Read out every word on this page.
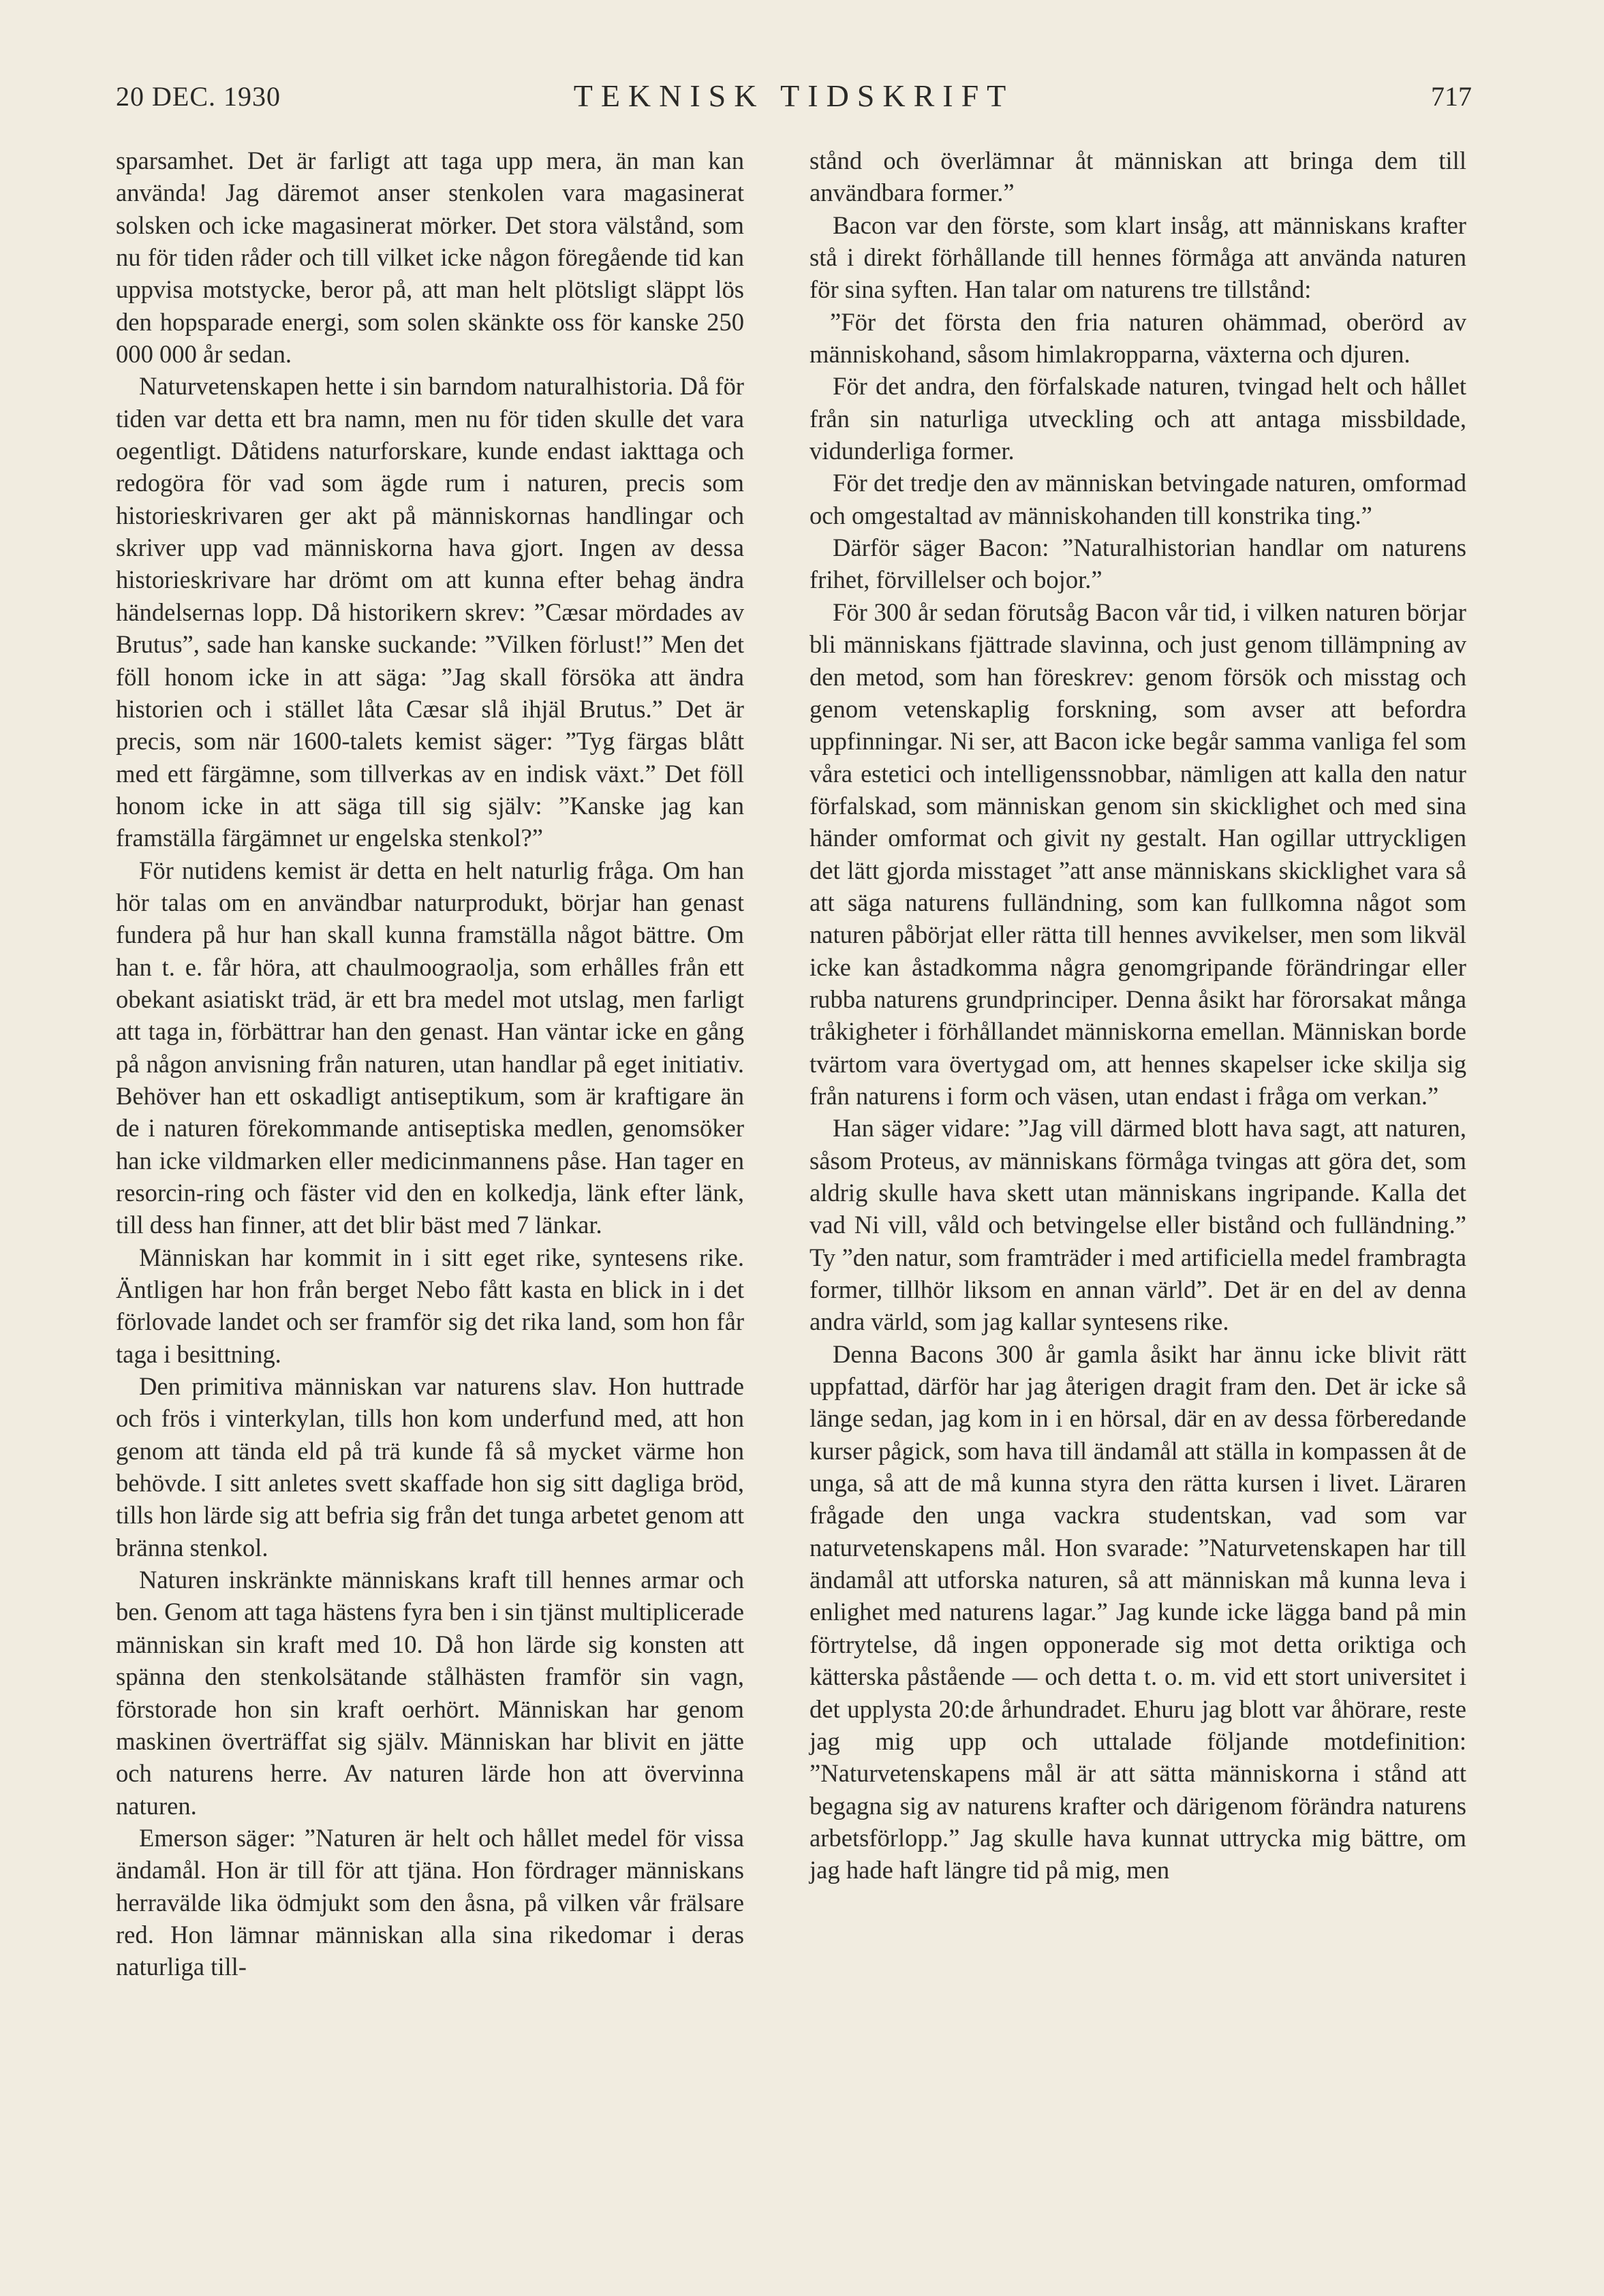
20 DEC. 1930	TEKNISK TIDSKRIFT	717

sparsamhet. Det är farligt att taga upp mera, än man kan använda! Jag däremot anser stenkolen vara magasinerat solsken och icke magasinerat mörker. Det stora välstånd, som nu för tiden råder och till vilket icke någon föregående tid kan uppvisa motstycke, beror på, att man helt plötsligt släppt lös den hopsparade energi, som solen skänkte oss för kanske 250 000 000 år sedan.

Naturvetenskapen hette i sin barndom naturalhistoria. Då för tiden var detta ett bra namn, men nu för tiden skulle det vara oegentligt. Dåtidens naturforskare, kunde endast iakttaga och redogöra för vad som ägde rum i naturen, precis som historieskrivaren ger akt på människornas handlingar och skriver upp vad människorna hava gjort. Ingen av dessa historieskrivare har drömt om att kunna efter behag ändra händelsernas lopp. Då historikern skrev: ”Cæsar mördades av Brutus”, sade han kanske suckande: ”Vilken förlust!” Men det föll honom icke in att säga: ”Jag skall försöka att ändra historien och i stället låta Cæsar slå ihjäl Brutus.” Det är precis, som när 1600-talets kemist säger: ”Tyg färgas blått med ett färgämne, som tillverkas av en indisk växt.” Det föll honom icke in att säga till sig själv: ”Kanske jag kan framställa färgämnet ur engelska stenkol?”

För nutidens kemist är detta en helt naturlig fråga. Om han hör talas om en användbar naturprodukt, börjar han genast fundera på hur han skall kunna framställa något bättre. Om han t. e. får höra, att chaulmoograolja, som erhålles från ett obekant asiatiskt träd, är ett bra medel mot utslag, men farligt att taga in, förbättrar han den genast. Han väntar icke en gång på någon anvisning från naturen, utan handlar på eget initiativ. Behöver han ett oskadligt antiseptikum, som är kraftigare än de i naturen förekommande antiseptiska medlen, genomsöker han icke vildmarken eller medicinmannens påse. Han tager en resorcin-ring och fäster vid den en kolkedja, länk efter länk, till dess han finner, att det blir bäst med 7 länkar.

Människan har kommit in i sitt eget rike, syntesens rike. Äntligen har hon från berget Nebo fått kasta en blick in i det förlovade landet och ser framför sig det rika land, som hon får taga i besittning.

Den primitiva människan var naturens slav. Hon huttrade och frös i vinterkylan, tills hon kom underfund med, att hon genom att tända eld på trä kunde få så mycket värme hon behövde. I sitt anletes svett skaffade hon sig sitt dagliga bröd, tills hon lärde sig att befria sig från det tunga arbetet genom att bränna stenkol.

Naturen inskränkte människans kraft till hennes armar och ben. Genom att taga hästens fyra ben i sin tjänst multiplicerade människan sin kraft med 10. Då hon lärde sig konsten att spänna den stenkolsätande stålhästen framför sin vagn, förstorade hon sin kraft oerhört. Människan har genom maskinen överträffat sig själv. Människan har blivit en jätte och naturens herre. Av naturen lärde hon att övervinna naturen.

Emerson säger: ”Naturen är helt och hållet medel för vissa ändamål. Hon är till för att tjäna. Hon fördrager människans herravälde lika ödmjukt som den åsna, på vilken vår frälsare red. Hon lämnar människan alla sina rikedomar i deras naturliga till-

stånd och överlämnar åt människan att bringa dem till användbara former.”

Bacon var den förste, som klart insåg, att människans krafter stå i direkt förhållande till hennes förmåga att använda naturen för sina syften. Han talar om naturens tre tillstånd:

”För det första den fria naturen ohämmad, oberörd av människohand, såsom himlakropparna, växterna och djuren.

För det andra, den förfalskade naturen, tvingad helt och hållet från sin naturliga utveckling och att antaga missbildade, vidunderliga former.

För det tredje den av människan betvingade naturen, omformad och omgestaltad av människohanden till konstrika ting.”

Därför säger Bacon: ”Naturalhistorian handlar om naturens frihet, förvillelser och bojor.”

För 300 år sedan förutsåg Bacon vår tid, i vilken naturen börjar bli människans fjättrade slavinna, och just genom tillämpning av den metod, som han föreskrev: genom försök och misstag och genom vetenskaplig forskning, som avser att befordra uppfinningar. Ni ser, att Bacon icke begår samma vanliga fel som våra estetici och intelligenssnobbar, nämligen att kalla den natur förfalskad, som människan genom sin skicklighet och med sina händer omformat och givit ny gestalt. Han ogillar uttryckligen det lätt gjorda misstaget ”att anse människans skicklighet vara så att säga naturens fulländning, som kan fullkomna något som naturen påbörjat eller rätta till hennes avvikelser, men som likväl icke kan åstadkomma några genomgripande förändringar eller rubba naturens grundprinciper. Denna åsikt har förorsakat många tråkigheter i förhållandet människorna emellan. Människan borde tvärtom vara övertygad om, att hennes skapelser icke skilja sig från naturens i form och väsen, utan endast i fråga om verkan.”

Han säger vidare: ”Jag vill därmed blott hava sagt, att naturen, såsom Proteus, av människans förmåga tvingas att göra det, som aldrig skulle hava skett utan människans ingripande. Kalla det vad Ni vill, våld och betvingelse eller bistånd och fulländning.” Ty ”den natur, som framträder i med artificiella medel frambragta former, tillhör liksom en annan värld”. Det är en del av denna andra värld, som jag kallar syntesens rike.

Denna Bacons 300 år gamla åsikt har ännu icke blivit rätt uppfattad, därför har jag återigen dragit fram den. Det är icke så länge sedan, jag kom in i en hörsal, där en av dessa förberedande kurser pågick, som hava till ändamål att ställa in kompassen åt de unga, så att de må kunna styra den rätta kursen i livet. Läraren frågade den unga vackra studentskan, vad som var naturvetenskapens mål. Hon svarade: ”Naturvetenskapen har till ändamål att utforska naturen, så att människan må kunna leva i enlighet med naturens lagar.” Jag kunde icke lägga band på min förtrytelse, då ingen opponerade sig mot detta oriktiga och kätterska påstående — och detta t. o. m. vid ett stort universitet i det upplysta 20:de århundradet. Ehuru jag blott var åhörare, reste jag mig upp och uttalade följande motdefinition: ”Naturvetenskapens mål är att sätta människorna i stånd att begagna sig av naturens krafter och därigenom förändra naturens arbetsförlopp.” Jag skulle hava kunnat uttrycka mig bättre, om jag hade haft längre tid på mig, men
